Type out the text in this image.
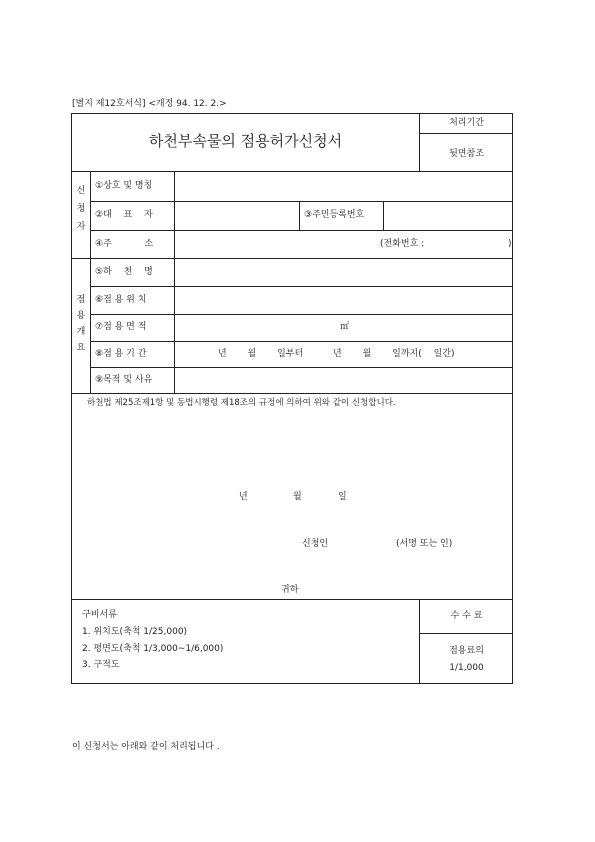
[별지 제12호서식] <개정 94. 12. 2.>
하천부속물의 점용허가신청서
처리기간
뒷면참조
신
청
자
①상호 및 명칭
②대　 표　 자	③주민등록번호
④주　 　 　소	(전화번호 :	)
점
용
개
요
⑤하　 천　 명
⑥점 용 위 치
⑦점 용 면 적	㎡
⑧점 용 기 간	년　 　월　 　일부터　 　　년　 　월　 　일까지(　 일간)
⑨목적 및 사유
하천법 제25조제1항 및 동법시행령 제18조의 규정에 의하여 위와 같이 신청합니다.
년	월	일
신청인	(서명 또는 인)
귀하
구비서류
1. 위치도(축척 1/25,000)
2. 평면도(축척 1/3,000∼1/6,000)
3. 구적도
수 수 료
점용료의
1/1,000
이 신청서는 아래와 같이 처리됩니다 .
